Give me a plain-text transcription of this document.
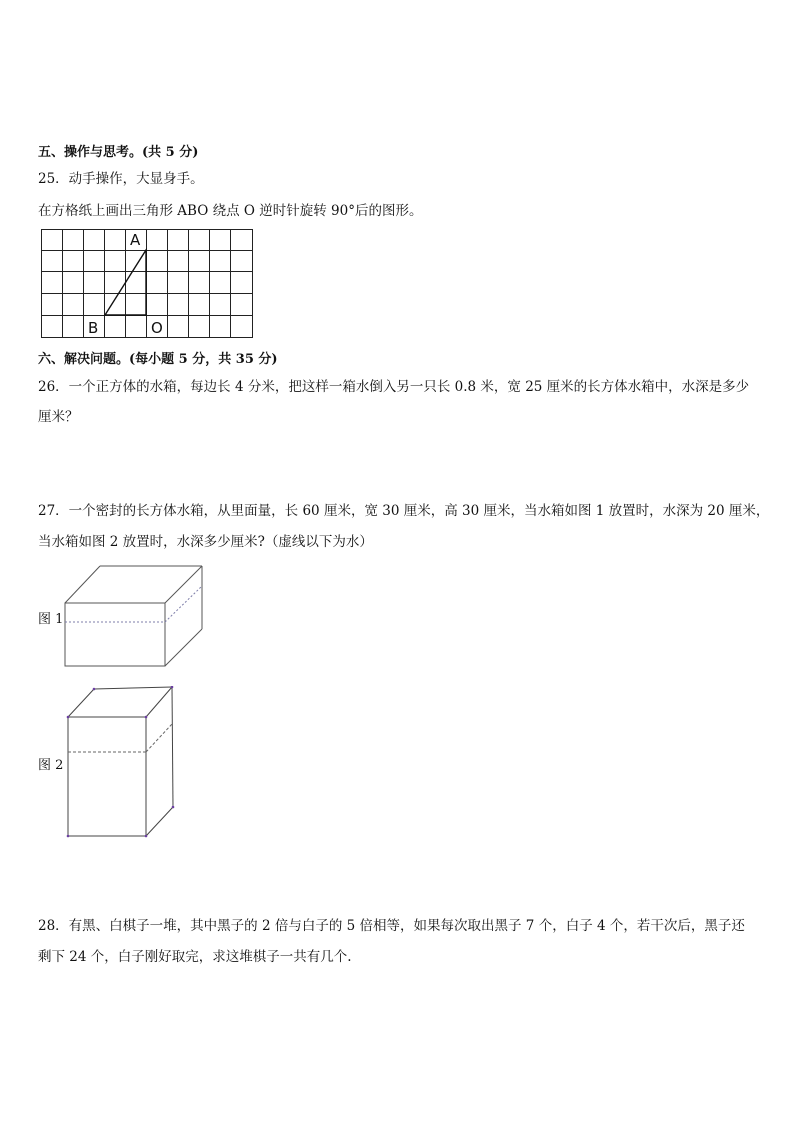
五、操作与思考。(共 5 分)
25．动手操作，大显身手。
在方格纸上画出三角形 ABO 绕点 O 逆时针旋转 90°后的图形。
A
B	O
六、解决问题。(每小题 5 分，共 35 分)
26．一个正方体的水箱，每边长 4 分米，把这样一箱水倒入另一只长 0.8 米，宽 25 厘米的长方体水箱中，水深是多少
厘米？
27．一个密封的长方体水箱，从里面量，长 60 厘米，宽 30 厘米，高 30 厘米，当水箱如图 1 放置时，水深为 20 厘米，
当水箱如图 2 放置时，水深多少厘米?（虚线以下为水）
图 1
图 2
28．有黑、白棋子一堆，其中黑子的 2 倍与白子的 5 倍相等，如果每次取出黑子 7 个，白子 4 个，若干次后，黑子还
剩下 24 个，白子刚好取完，求这堆棋子一共有几个.
